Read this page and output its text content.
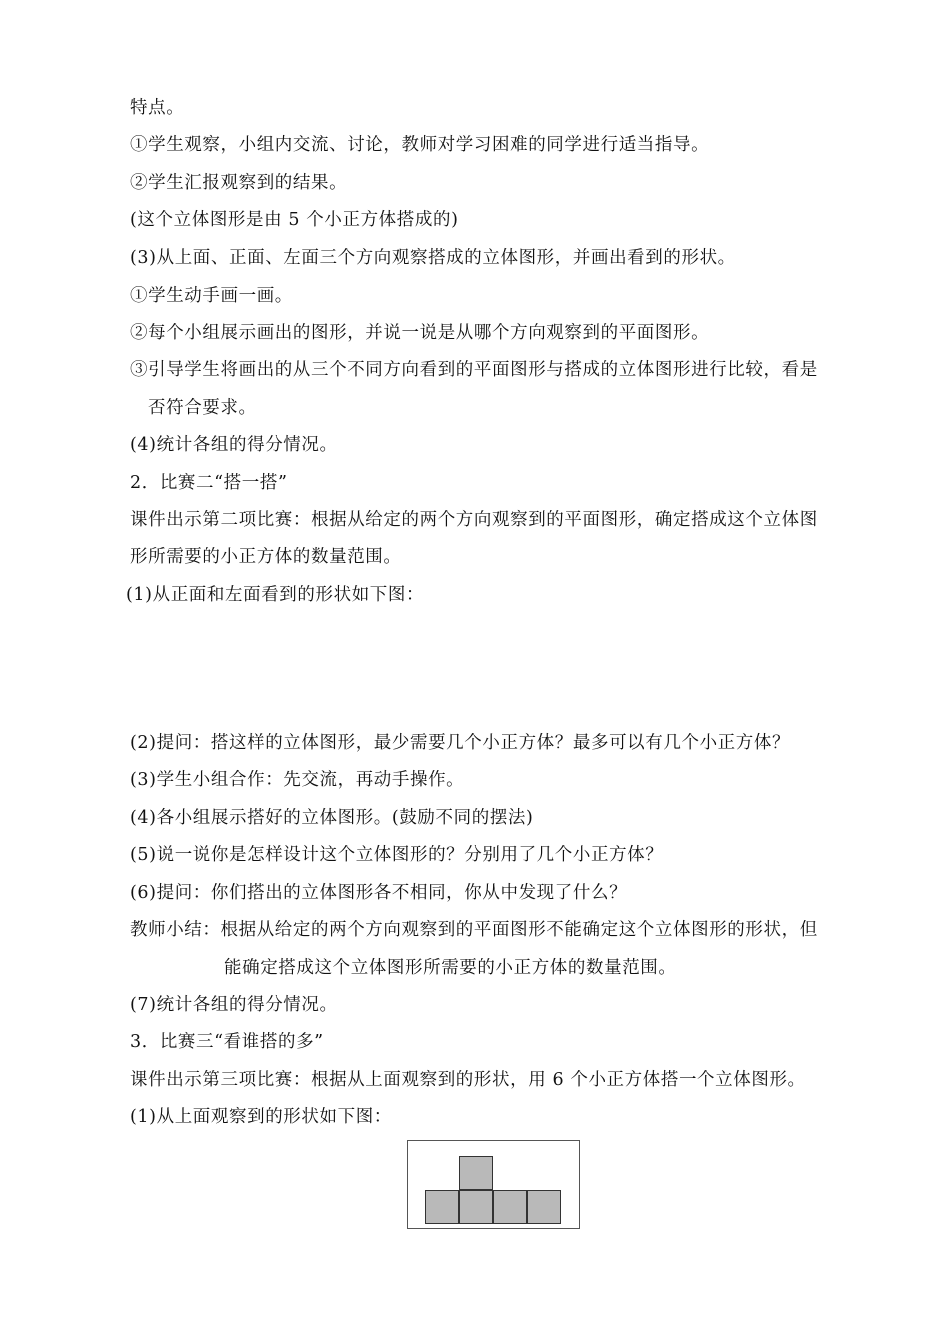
特点。
①学生观察，小组内交流、讨论，教师对学习困难的同学进行适当指导。
②学生汇报观察到的结果。
(这个立体图形是由 5 个小正方体搭成的)
(3)从上面、正面、左面三个方向观察搭成的立体图形，并画出看到的形状。
①学生动手画一画。
②每个小组展示画出的图形，并说一说是从哪个方向观察到的平面图形。
③引导学生将画出的从三个不同方向看到的平面图形与搭成的立体图形进行比较，看是
否符合要求。
(4)统计各组的得分情况。
2．比赛二“搭一搭”
课件出示第二项比赛：根据从给定的两个方向观察到的平面图形，确定搭成这个立体图
形所需要的小正方体的数量范围。
(1)从正面和左面看到的形状如下图：
(2)提问：搭这样的立体图形，最少需要几个小正方体？最多可以有几个小正方体？
(3)学生小组合作：先交流，再动手操作。
(4)各小组展示搭好的立体图形。(鼓励不同的摆法)
(5)说一说你是怎样设计这个立体图形的？分别用了几个小正方体？
(6)提问：你们搭出的立体图形各不相同，你从中发现了什么？
教师小结：根据从给定的两个方向观察到的平面图形不能确定这个立体图形的形状，但
能确定搭成这个立体图形所需要的小正方体的数量范围。
(7)统计各组的得分情况。
3．比赛三“看谁搭的多”
课件出示第三项比赛：根据从上面观察到的形状，用 6 个小正方体搭一个立体图形。
(1)从上面观察到的形状如下图：
